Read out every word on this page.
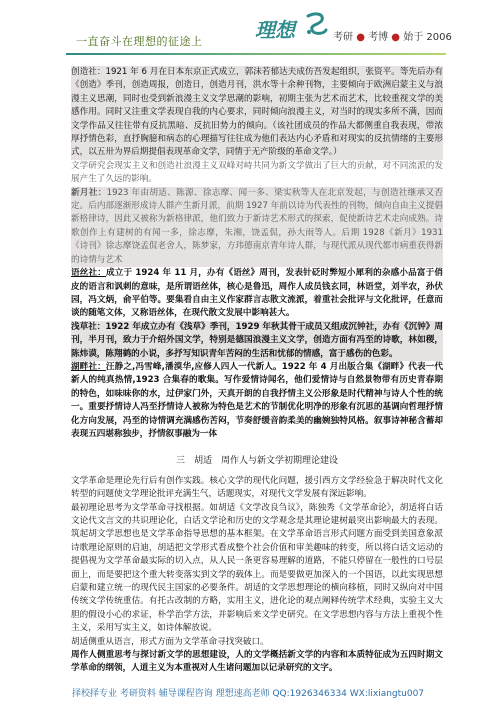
一直奋斗在理想的征途上	理想	考研 ● 考博 ● 始于 2006

创造社：1921 年 6 月在日本东京正式成立，郭沫若郁达夫成仿吾发起组织，张资平。等先后办有《创造》季刊，创造周报，创造日，创造月刊，洪水等十余种刊物，主要倾向于欧洲启蒙主义与浪漫主义思潮，同时也受到新浪漫主义文学思潮的影响，初期主张为艺术而艺术，比较重视文学的美感作用。同时又注重文学表现自我的内心要求，同时倾向浪漫主义，对当时的现实多所不满，因而文学作品又往往带有反抗黑暗、反抗旧势力的倾向。（该社团成员的作品大都侧重自我表现，带浓厚抒情色彩，直抒胸臆和病态的心理描写往往成为他们表达内心矛盾和对现实的反抗情绪的主要形式，以五卅为界后期提倡表现革命文学，同情于无产阶级的革命文学。）

文学研究会现实主义和创造社浪漫主义双峰对峙共同为新文学做出了巨大的贡献，对不同流派的发展产生了久远的影响。

新月社：1923 年由胡适、陈源、徐志摩、闻一多、梁实秋等人在北京发起，与创造社继承又否定。后内部逐渐形成诗人群产生新月派，前期 1927 年前以诗为代表性的刊物，倾向自由主义提倡新格律诗，因此又被称为新格律派，他们致力于新诗艺术形式的探索，促使新诗艺术走向成熟。诗歌创作上有建树的有闻一多，徐志摩，朱湘，饶孟侃，孙大雨等人。后期 1928《新月》1931《诗刊》徐志摩饶孟侃老舍人，陈梦家，方玮德南京青年诗人群，与现代派从现代都市病重获得新的诗情与艺术

语丝社：成立于 1924 年 11 月，办有《语丝》周刊，发表针砭时弊短小犀利的杂感小品富于俏皮的语言和讽刺的意味，是所谓语丝体，核心是鲁迅，周作人成员钱玄同，林语堂，刘半农，孙伏园，冯文炳，俞平伯等。要集看自由主义作家群言志散文流派，着重社会批评与文化批评，任意而谈的随笔文体，又称语丝体，在现代散文发展中影响甚大。

浅草社：1922 年成立办有《浅草》季刊，1929 年秋其骨干成员又组成沉钟社，办有《沉钟》周刊，半月刊，致力于介绍外国文学，特别是德国浪漫主义文学，创造方面有冯至的诗歌，林如稷，陈炜谟，陈翔鹤的小说，多抒写知识青年苦闷的生活和忧郁的情感，富于感伤的色彩。

湖畔社：汪静之,冯雪峰,潘漠华,应修人四人一代新人。1922 年 4 月出版合集《湖畔》代表一代新人的纯真热情,1923 合集春的歌集。写作爱情诗闻名，他们爱情诗与自然景物带有历史青春期的特色，如味味你的水，过伊家门外，天真开朗的自我抒情主义公形象是时代精神与诗人个性的统一。重要抒情诗人冯至抒情诗人被称为特色是艺术的节制优化明净的形象有沉思的基调向哲理抒情化方向发展，冯至的诗情调充满感伤苦闷，节奏舒缓音韵柔美的幽婉独特风格。叙事诗神秘含蓄却表现五四堪称独步，抒情叙事融为一体

三　胡适　周作人与新文学初期理论建设

文学革命是理论先行后有创作实践。核心文学的现代化问题，援引西方文学经验急于解决时代文化转型的问题使文学理论批评充满生气，话题现实，对现代文学发展有深远影响。

最初理论思考为文学革命寻找根据。如胡适《文学改良刍议》，陈独秀《文学革命论》，胡适将白话文论代文言文的共识理论化，白话文学论和历史的文学观念是其理论建树最突出影响最大的表现。筑起胡文学思想也是文学革命指导思想的基本框架。在文学革命语言形式问题方面受到美国意象派诗歌理论原则的启迪，胡适把文学形式看成整个社会价值和审美趣味的转变，所以将白话文运动的提倡视为文学革命最实际的切入点，从人民一条更容易理解的道路，不能只停留在一般性的口号层面上，而是要把这个重大转变落实到文学的载体上。而是要做更加深入的一个国语，以此实现思想启蒙和建立统一的现代民主国家的必要条件。胡适的文学思想理论的横向移植，同时又纵向对中国传统文学传统重估。有托古改制的方略，实用主义，进化论的观点阐释传统学术经典，实验主义大胆的假设小心的求证，朴学治学方法，并影响后来文学史研究。在文学思想内容与方法上重视个性主义，采用写实主义，如诗体解放说。

胡适侧重从语言，形式方面为文学革命寻找突破口。

周作人侧重思考与探讨新文学的思想建设，人的文学概括新文学的内容和本质特征成为五四时期文学革命的纲领，人道主义为本重视对人生诸问题加以记录研究的文字。

择校择专业 考研资料 辅导课程咨询 理想速高老师 QQ:1926346334 WX:lixiangtu007
